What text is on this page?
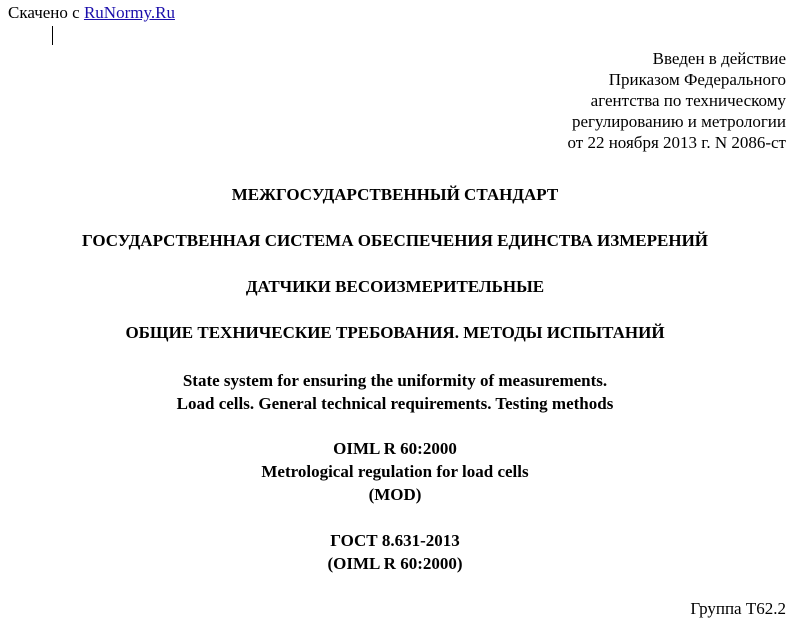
Скачено с RuNormy.Ru
Введен в действие
Приказом Федерального
агентства по техническому
регулированию и метрологии
от 22 ноября 2013 г. N 2086-ст
МЕЖГОСУДАРСТВЕННЫЙ СТАНДАРТ
ГОСУДАРСТВЕННАЯ СИСТЕМА ОБЕСПЕЧЕНИЯ ЕДИНСТВА ИЗМЕРЕНИЙ
ДАТЧИКИ ВЕСОИЗМЕРИТЕЛЬНЫЕ
ОБЩИЕ ТЕХНИЧЕСКИЕ ТРЕБОВАНИЯ. МЕТОДЫ ИСПЫТАНИЙ
State system for ensuring the uniformity of measurements.
Load cells. General technical requirements. Testing methods
OIML R 60:2000
Metrological regulation for load cells
(MOD)
ГОСТ 8.631-2013
(OIML R 60:2000)
Группа Т62.2
